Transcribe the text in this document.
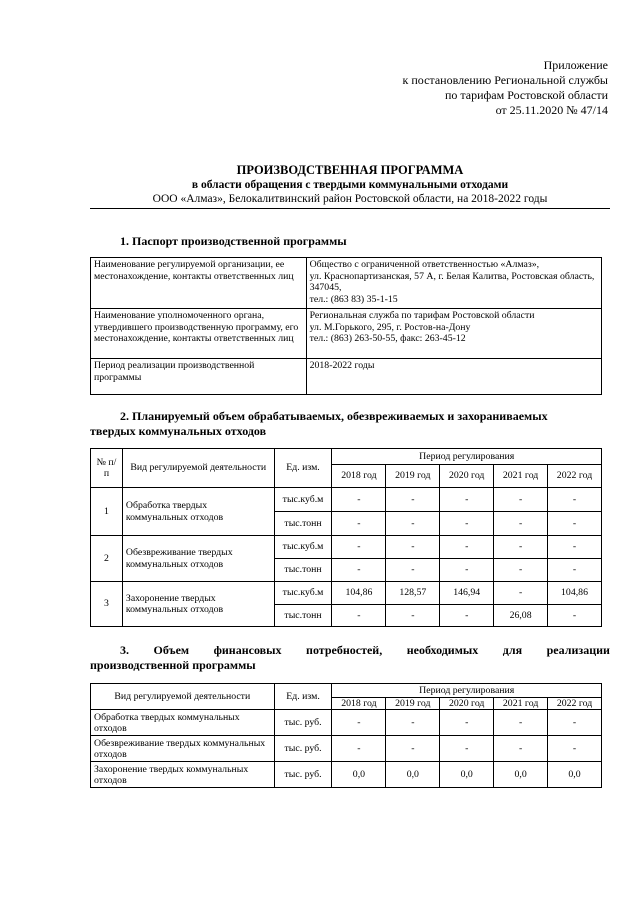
Приложение
к постановлению Региональной службы
по тарифам Ростовской области
от 25.11.2020 № 47/14
ПРОИЗВОДСТВЕННАЯ ПРОГРАММА
в области обращения с твердыми коммунальными отходами
ООО «Алмаз», Белокалитвинский район Ростовской области, на 2018-2022 годы
1. Паспорт производственной программы
Наименование регулируемой организации, ее местонахождение, контакты ответственных лиц	Общество с ограниченной ответственностью «Алмаз»,
ул. Краснопартизанская, 57 А, г. Белая Калитва, Ростовская область, 347045,
тел.: (863 83) 35-1-15

Наименование уполномоченного органа, утвердившего производственную программу, его местонахождение, контакты ответственных лиц	Региональная служба по тарифам Ростовской области
ул. М.Горького, 295, г. Ростов-на-Дону
тел.: (863) 263-50-55, факс: 263-45-12

Период реализации производственной программы	2018-2022 годы
2. Планируемый объем обрабатываемых, обезвреживаемых и захораниваемых
твердых коммунальных отходов
№ п/п	Вид регулируемой деятельности	Ед. изм.	Период регулирования				
			2018 год	2019 год	2020 год	2021 год	2022 год
1	Обработка твердых коммунальных отходов	тыс.куб.м	-	-	-	-	-
		тыс.тонн	-	-	-	-	-
2	Обезвреживание твердых коммунальных отходов	тыс.куб.м	-	-	-	-	-
		тыс.тонн	-	-	-	-	-
3	Захоронение твердых коммунальных отходов	тыс.куб.м	104,86	128,57	146,94	-	104,86
		тыс.тонн	-	-	-	26,08	-
3. Объем финансовых потребностей, необходимых для реализации
производственной программы
Вид регулируемой деятельности	Ед. изм.	Период регулирования				
		2018 год	2019 год	2020 год	2021 год	2022 год
Обработка твердых коммунальных отходов	тыс. руб.	-	-	-	-	-
Обезвреживание твердых коммунальных отходов	тыс. руб.	-	-	-	-	-
Захоронение твердых коммунальных отходов	тыс. руб.	0,0	0,0	0,0	0,0	0,0
